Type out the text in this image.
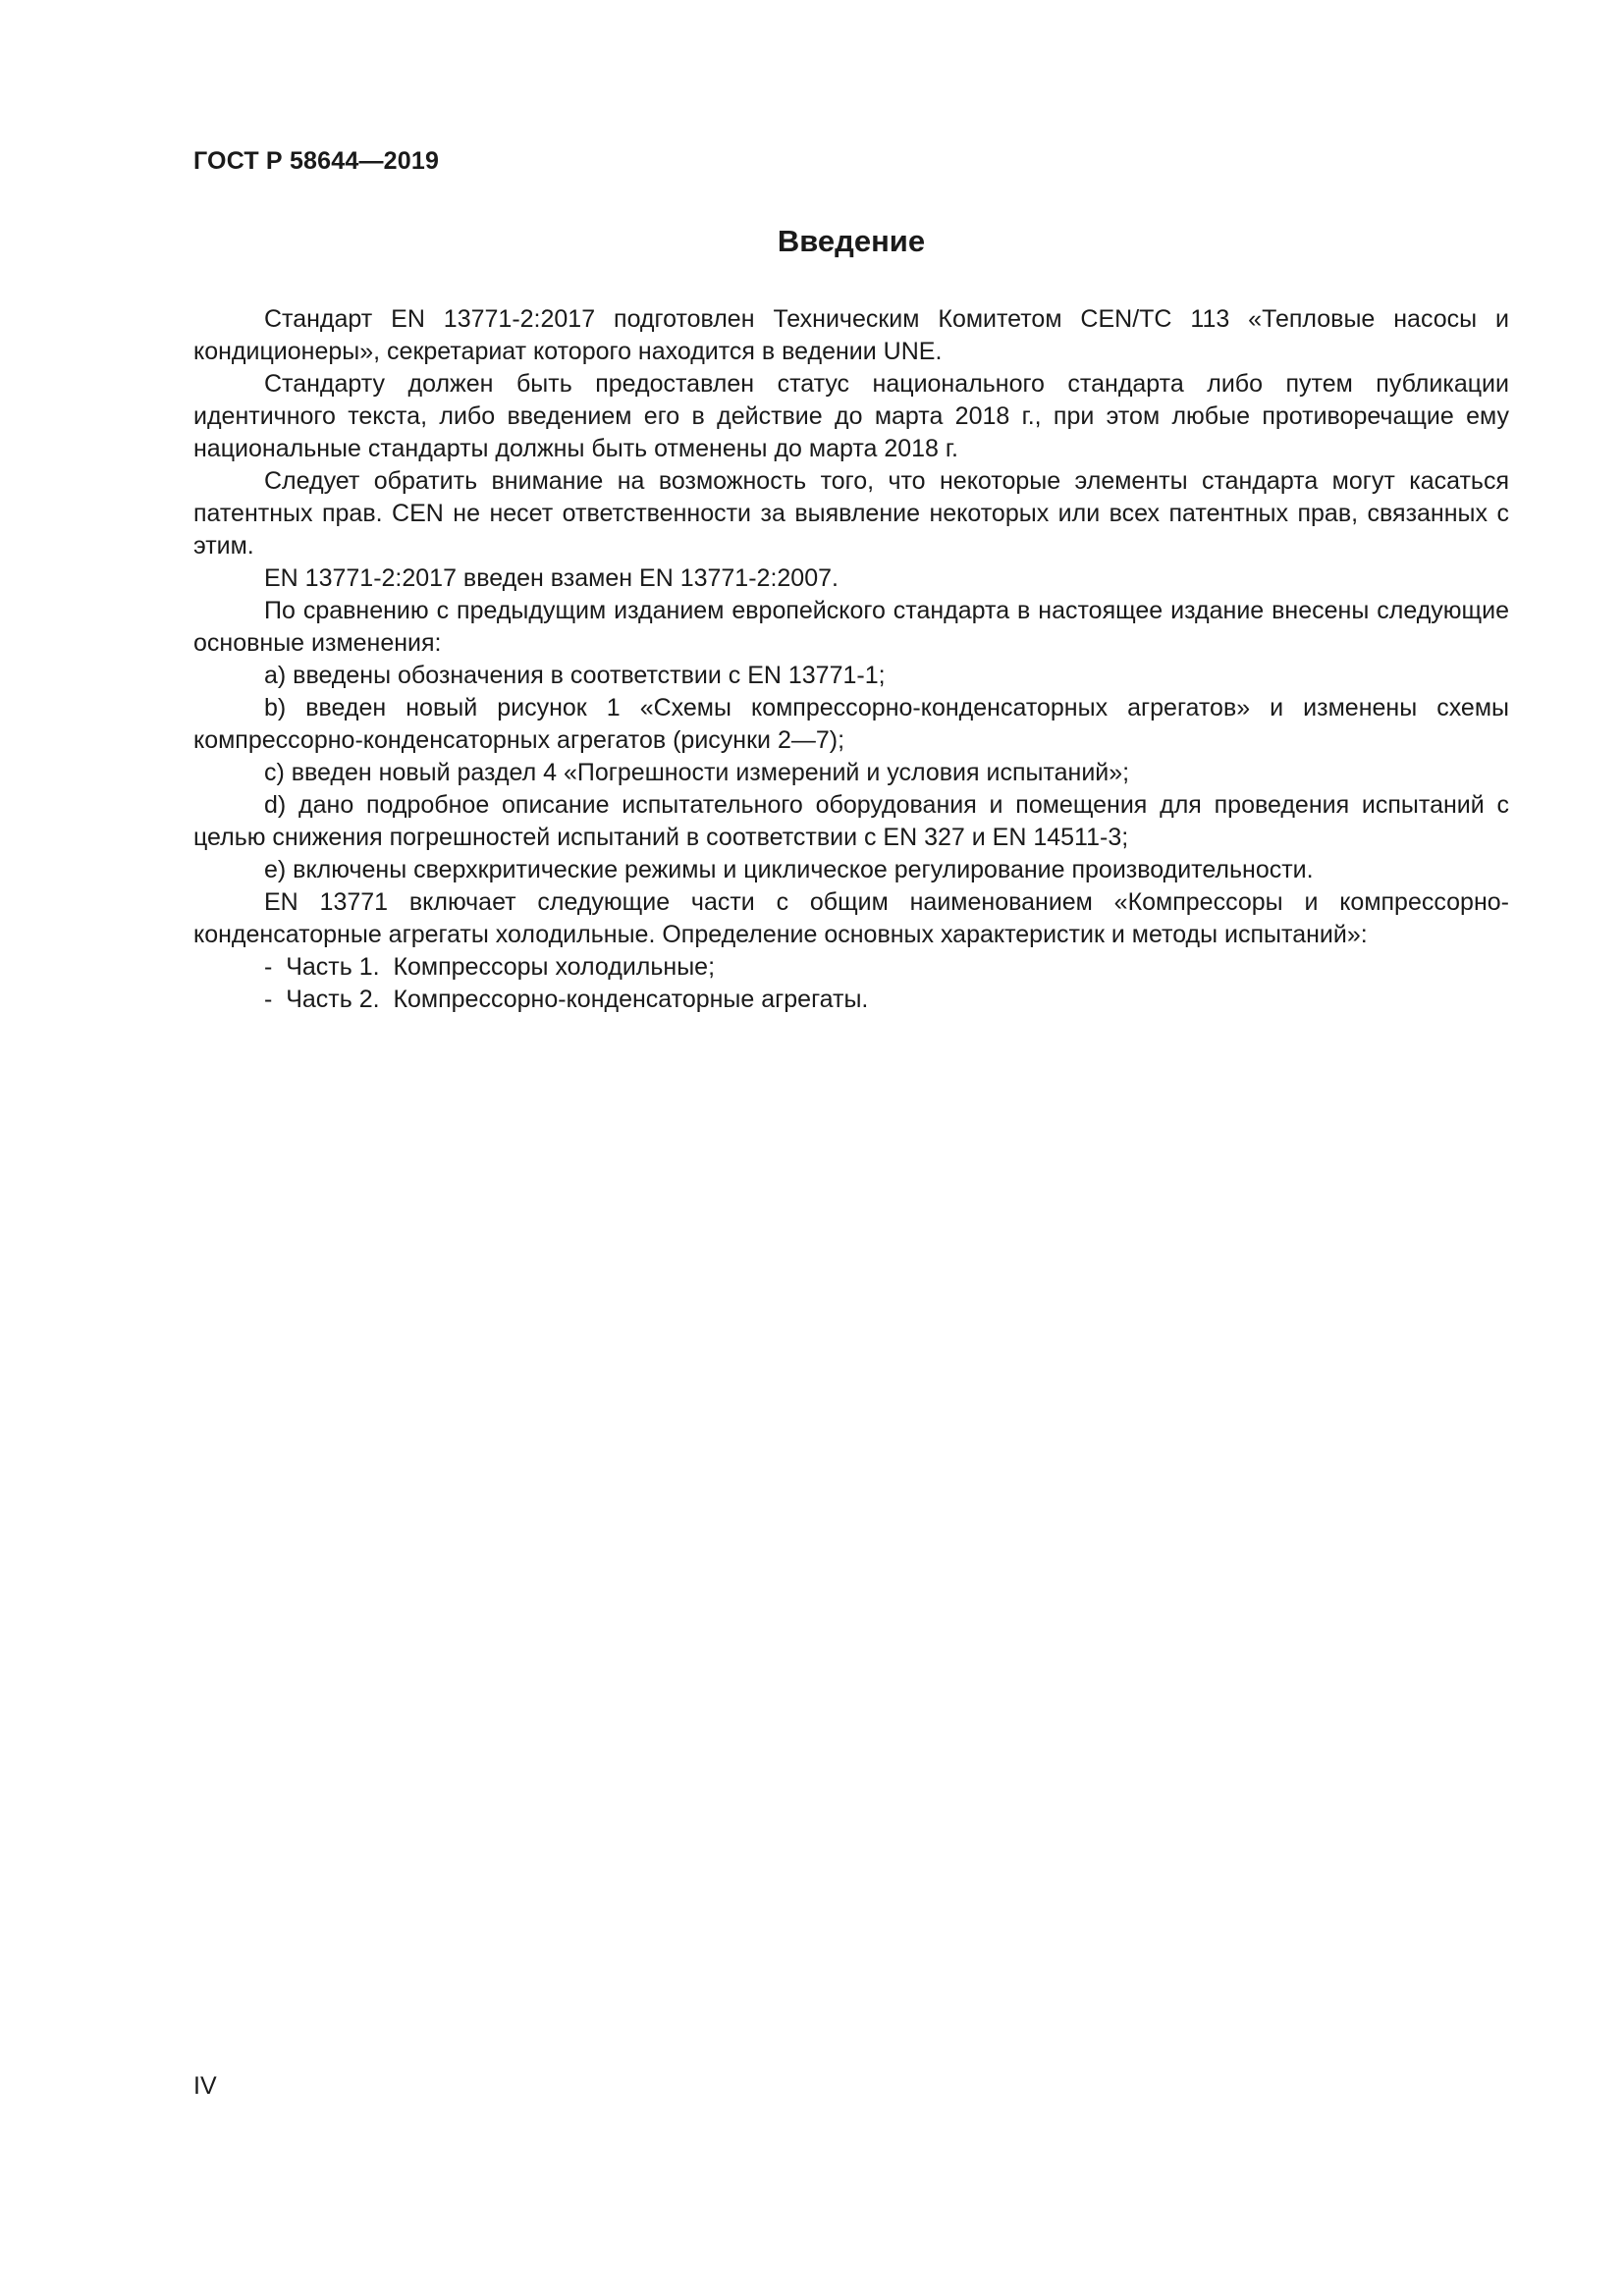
ГОСТ Р 58644—2019
Введение

Стандарт EN 13771-2:2017 подготовлен Техническим Комитетом CEN/TC 113 «Тепловые насосы и кондиционеры», секретариат которого находится в ведении UNE.

Стандарту должен быть предоставлен статус национального стандарта либо путем публикации идентичного текста, либо введением его в действие до марта 2018 г., при этом любые противоречащие ему национальные стандарты должны быть отменены до марта 2018 г.

Следует обратить внимание на возможность того, что некоторые элементы стандарта могут касаться патентных прав. CEN не несет ответственности за выявление некоторых или всех патентных прав, связанных с этим.

EN 13771-2:2017 введен взамен EN 13771-2:2007.

По сравнению с предыдущим изданием европейского стандарта в настоящее издание внесены следующие основные изменения:

a) введены обозначения в соответствии с EN 13771-1;

b) введен новый рисунок 1 «Схемы компрессорно-конденсаторных агрегатов» и изменены схемы компрессорно-конденсаторных агрегатов (рисунки 2—7);

c) введен новый раздел 4 «Погрешности измерений и условия испытаний»;

d) дано подробное описание испытательного оборудования и помещения для проведения испытаний с целью снижения погрешностей испытаний в соответствии с EN 327 и EN 14511-3;

e) включены сверхкритические режимы и циклическое регулирование производительности.

EN 13771 включает следующие части с общим наименованием «Компрессоры и компрессорно-конденсаторные агрегаты холодильные. Определение основных характеристик и методы испытаний»:

-  Часть 1.  Компрессоры холодильные;

-  Часть 2.  Компрессорно-конденсаторные агрегаты.

IV
